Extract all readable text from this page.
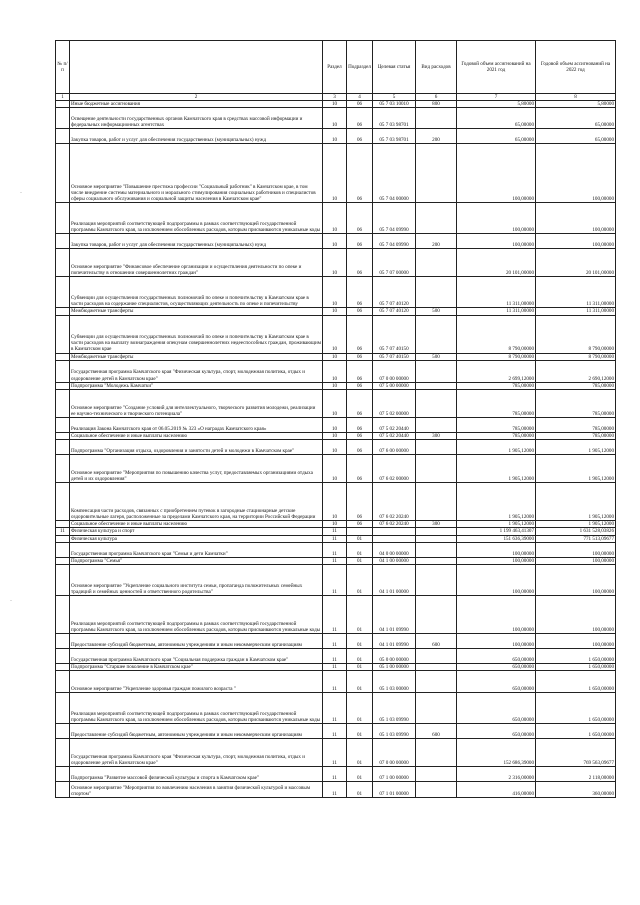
№ п/п		Раздел	Подраздел	Целевая статья	Вид расходов	Годовой объем ассигнований на 2021 год	Годовой объем ассигнований на 2022 год
1	2	3	4	5	6	7	8
	Иные бюджетные ассигнования	10	06	05 7 03 10010	800	5,80000	5,80000
	Освещение деятельности государственных органов Камчатского края в средствах массовой информации и федеральных информационных агентствах	10	06	05 7 03 98701		65,00000	65,00000
	Закупка товаров, работ и услуг для обеспечения государственных (муниципальных) нужд	10	06	05 7 03 98701	200	65,00000	65,00000
	Основное мероприятие "Повышение престижа профессии "Социальный работник" в Камчатском крае, в том числе внедрение системы материального и морального стимулирования социальных работников и специалистов сферы социального обслуживания и социальной защиты населения в Камчатском крае"	10	06	05 7 04 00000		100,00000	100,00000
	Реализация мероприятий соответствующей подпрограммы в рамках соответствующей государственной программы Камчатского края, за исключением обособленных расходов, которым присваиваются уникальные коды	10	06	05 7 04 09990		100,00000	100,00000
	Закупка товаров, работ и услуг для обеспечения государственных (муниципальных) нужд	10	06	05 7 04 09990	200	100,00000	100,00000
	Основное мероприятие "Финансовое обеспечение организации и осуществления деятельности по опеке и попечительству в отношении совершеннолетних граждан"	10	06	05 7 07 00000		20 101,00000	20 101,00000
	Субвенции для осуществления государственных полномочий по опеке и попечительству в Камчатском крае в части расходов на содержание специалистов, осуществляющих деятельность по опеке и попечительству	10	06	05 7 07 40120		11 311,00000	11 311,00000
	Межбюджетные трансферты	10	06	05 7 07 40120	500	11 311,00000	11 311,00000
	Субвенции для осуществления государственных полномочий по опеке и попечительству в Камчатском крае в части расходов на выплату вознаграждения опекунам совершеннолетних недееспособных граждан, проживающим в Камчатском крае	10	06	05 7 07 40150		8 790,00000	8 790,00000
	Межбюджетные трансферты	10	06	05 7 07 40150	500	8 790,00000	8 790,00000
	Государственная программа Камчатского края "Физическая культура, спорт, молодежная политика, отдых и оздоровление детей в Камчатском крае"	10	06	07 0 00 00000		2 699,12000	2 690,12000
	Подпрограмма "Молодежь Камчатки"	10	06	07 5 00 00000		785,00000	785,00000
	Основное мероприятие "Создание условий для интеллектуального, творческого развития молодежи, реализации ее научно-технического и творческого потенциала"	10	06	07 5 02 00000		785,00000	785,00000
	Реализация Закона Камчатского края от 06.05.2019 № 323 «О наградах Камчатского края»	10	06	07 5 02 20440		785,00000	785,00000
	Социальное обеспечение и иные выплаты населению	10	06	07 5 02 20440	300	785,00000	785,00000
	Подпрограмма "Организация отдыха, оздоровления и занятости детей и молодежи в Камчатском крае"	10	06	07 6 00 00000		1 905,12000	1 905,12000
	Основное мероприятие "Мероприятия по повышению качества услуг, предоставляемых организациями отдыха детей и их оздоровления"	10	06	07 6 02 00000		1 905,12000	1 905,12000
	Компенсация части расходов, связанных с приобретением путевок в загородные стационарные детские оздоровительные лагеря, расположенные за пределами Камчатского края, на территории Российской Федерации	10	06	07 6 02 20240		1 905,12000	1 905,12000
	Социальное обеспечение и иные выплаты населению	10	06	07 6 02 20240	300	1 905,12000	1 905,12000
11	Физическая культура и спорт	11				1 199 463,41307	1 631 528,03826
	Физическая культура	11	01			151 636,39000	771 513,09677
	Государственная программа Камчатского края "Семья и дети Камчатки"	11	01	04 0 00 00000		100,00000	100,00000
	Подпрограмма "Семья"	11	01	04 1 00 00000		100,00000	100,00000
	Основное мероприятие "Укрепление социального института семьи, пропаганда положительных семейных традиций и семейных ценностей и ответственного родительства"	11	01	04 1 01 00000		100,00000	100,00000
	Реализация мероприятий соответствующей подпрограммы в рамках соответствующей государственной программы Камчатского края, за исключением обособленных расходов, которым присваиваются уникальные коды	11	01	04 1 01 09990		100,00000	100,00000
	Предоставление субсидий бюджетным, автономным учреждениям и иным некоммерческим организациям	11	01	04 1 01 09990	600	100,00000	100,00000
	Государственная программа Камчатского края "Социальная поддержка граждан в Камчатском крае"	11	01	05 0 00 00000		650,00000	1 650,00000
	Подпрограмма "Старшее поколение в Камчатском крае"	11	01	05 1 00 00000		650,00000	1 650,00000
	Основное мероприятие "Укрепление здоровья граждан пожилого возраста "	11	01	05 1 03 00000		650,00000	1 650,00000
	Реализация мероприятий соответствующей подпрограммы в рамках соответствующей государственной программы Камчатского края, за исключением обособленных расходов, которым присваиваются уникальные коды	11	01	05 1 03 09990		650,00000	1 650,00000
	Предоставление субсидий бюджетным, автономным учреждениям и иным некоммерческим организациям	11	01	05 1 03 09990	600	650,00000	1 650,00000
	Государственная программа Камчатского края "Физическая культура, спорт, молодежная политика, отдых и оздоровление детей в Камчатском крае"	11	01	07 0 00 00000		152 686,39000	769 563,09677
	Подпрограмма "Развитие массовой физической культуры и спорта в Камчатском крае"	11	01	07 1 00 00000		2 316,00000	2 118,00000
	Основное мероприятие "Мероприятия по вовлечению населения в занятия физической культурой и массовым спортом"	11	01	07 1 01 00000		416,00000	360,00000
·
·
